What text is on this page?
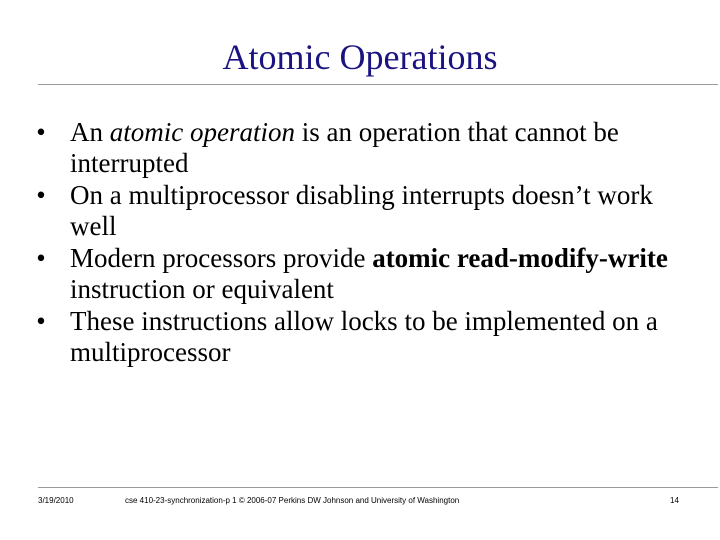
Atomic Operations
• An atomic operation is an operation that cannot be interrupted
• On a multiprocessor disabling interrupts doesn’t work well
• Modern processors provide atomic read-modify-write instruction or equivalent
• These instructions allow locks to be implemented on a multiprocessor
3/19/2010	cse 410-23-synchronization-p 1 © 2006-07 Perkins DW Johnson and University of Washington	14
